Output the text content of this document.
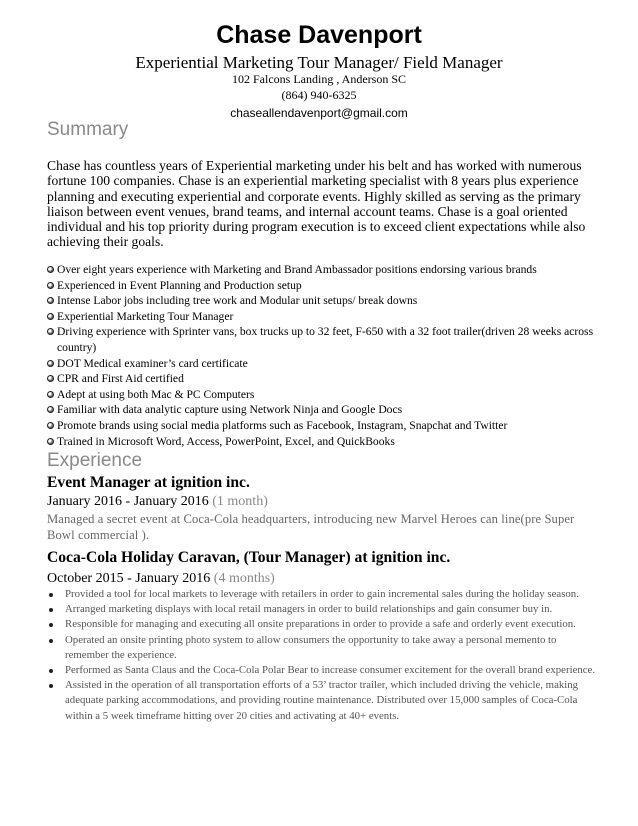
Chase Davenport
Experiential Marketing Tour Manager/ Field Manager
102 Falcons Landing , Anderson SC
(864) 940-6325
chaseallendavenport@gmail.com
Summary

Chase has countless years of Experiential marketing under his belt and has worked with numerous fortune 100 companies. Chase is an experiential marketing specialist with 8 years plus experience planning and executing experiential and corporate events. Highly skilled as serving as the primary liaison between event venues, brand teams, and internal account teams. Chase is a goal oriented individual and his top priority during program execution is to exceed client expectations while also achieving their goals.

Over eight years experience with Marketing and Brand Ambassador positions endorsing various brands
Experienced in Event Planning and Production setup
Intense Labor jobs including tree work and Modular unit setups/ break downs
Experiential Marketing Tour Manager
Driving experience with Sprinter vans, box trucks up to 32 feet, F-650 with a 32 foot trailer(driven 28 weeks across country)
DOT Medical examiner’s card certificate
CPR and First Aid certified
Adept at using both Mac & PC Computers
Familiar with data analytic capture using Network Ninja and Google Docs
Promote brands using social media platforms such as Facebook, Instagram, Snapchat and Twitter
Trained in Microsoft Word, Access, PowerPoint, Excel, and QuickBooks
Experience
Event Manager at ignition inc.
January 2016 - January 2016 (1 month)

Managed a secret event at Coca-Cola headquarters, introducing new Marvel Heroes can line(pre Super Bowl commercial ).

Coca-Cola Holiday Caravan, (Tour Manager) at ignition inc.
October 2015 - January 2016 (4 months)
Provided a tool for local markets to leverage with retailers in order to gain incremental sales during the holiday season.
Arranged marketing displays with local retail managers in order to build relationships and gain consumer buy in.
Responsible for managing and executing all onsite preparations in order to provide a safe and orderly event execution.
Operated an onsite printing photo system to allow consumers the opportunity to take away a personal memento to remember the experience.
Performed as Santa Claus and the Coca-Cola Polar Bear to increase consumer excitement for the overall brand experience.
Assisted in the operation of all transportation efforts of a 53’ tractor trailer, which included driving the vehicle, making adequate parking accommodations, and providing routine maintenance. Distributed over 15,000 samples of Coca-Cola within a 5 week timeframe hitting over 20 cities and activating at 40+ events.
